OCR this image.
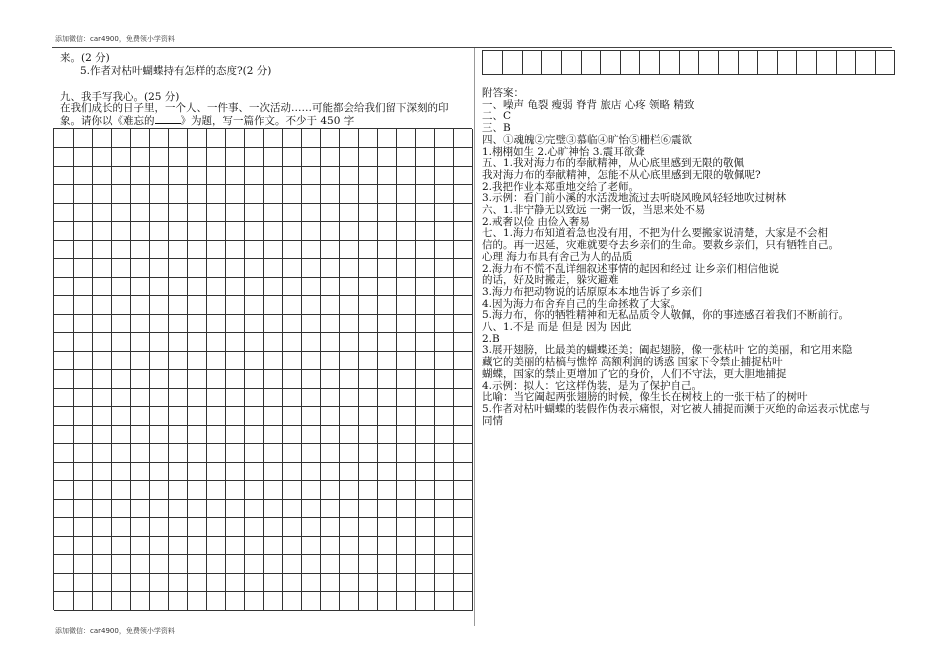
添加微信：car4900，免费领小学资料
来。(2 分)
5.作者对枯叶蝴蝶持有怎样的态度?(2 分)
九、我手写我心。(25 分)
在我们成长的日子里，一个人、一件事、一次活动……可能都会给我们留下深刻的印
象。请你以《难忘的 》为题，写一篇作文。不少于 450 字
附答案：
一、噪声 龟裂 瘦弱 脊背 旅店 心疼 领略 精致
二、C
三、B
四、①魂魄②完璧③慕临④旷怡⑤栅栏⑥震欲
1.栩栩如生 2.心旷神怡 3.震耳欲聋
五、1.我对海力布的奉献精神，从心底里感到无限的敬佩
我对海力布的奉献精神，怎能不从心底里感到无限的敬佩呢?
2.我把作业本郑重地交给了老师。
3.示例：看门前小溪的水活泼地流过去听晓风晚风轻轻地吹过树林
六、1.非宁静无以致远 一粥一饭，当思来处不易
2.戒奢以俭 由俭入奢易
七、1.海力布知道着急也没有用，不把为什么要搬家说清楚，大家是不会相
信的。再一迟延，灾难就要夺去乡亲们的生命。要救乡亲们，只有牺牲自己。
心理 海力布具有舍己为人的品质
2.海力布不慌不乱详细叙述事情的起因和经过 让乡亲们相信他说
的话，好及时搬走，躲灾避难
3.海力布把动物说的话原原本本地告诉了乡亲们
4.因为海力布舍弃自己的生命拯救了大家。
5.海力布，你的牺牲精神和无私品质令人敬佩，你的事迹感召着我们不断前行。
八、1.不是 而是 但是 因为 因此
2.B
3.展开翅膀，比最美的蝴蝶还美；阖起翅膀，像一张枯叶 它的美丽，和它用来隐
藏它的美丽的枯槁与憔悴 高额利润的诱惑 国家下令禁止捕捉枯叶
蝴蝶，国家的禁止更增加了它的身价，人们不守法，更大胆地捕捉
4.示例：拟人：它这样伪装，是为了保护自己。
比喻：当它阖起两张翅膀的时候，像生长在树枝上的一张干枯了的树叶
5.作者对枯叶蝴蝶的装假作伪表示痛恨，对它被人捕捉而濒于灭绝的命运表示忧虑与
同情
添加微信：car4900，免费领小学资料
